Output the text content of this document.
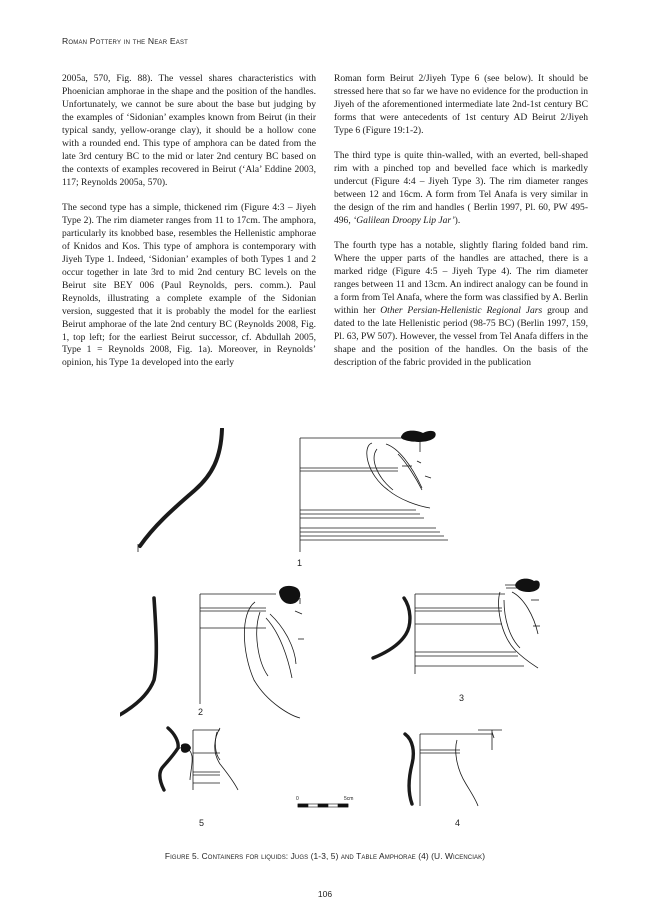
Roman Pottery in the Near East

2005a, 570, Fig. 88). The vessel shares characteristics with Phoenician amphorae in the shape and the position of the handles. Unfortunately, we cannot be sure about the base but judging by the examples of ‘Sidonian’ examples known from Beirut (in their typical sandy, yellow-orange clay), it should be a hollow cone with a rounded end. This type of amphora can be dated from the late 3rd century BC to the mid or later 2nd century BC based on the contexts of examples recovered in Beirut (‘Ala’ Eddine 2003, 117; Reynolds 2005a, 570).

The second type has a simple, thickened rim (Figure 4:3 – Jiyeh Type 2). The rim diameter ranges from 11 to 17cm. The amphora, particularly its knobbed base, resembles the Hellenistic amphorae of Knidos and Kos. This type of amphora is contemporary with Jiyeh Type 1. Indeed, ‘Sidonian’ examples of both Types 1 and 2 occur together in late 3rd to mid 2nd century BC levels on the Beirut site BEY 006 (Paul Reynolds, pers. comm.). Paul Reynolds, illustrating a complete example of the Sidonian version, suggested that it is probably the model for the earliest Beirut amphorae of the late 2nd century BC (Reynolds 2008, Fig. 1, top left; for the earliest Beirut successor, cf. Abdullah 2005, Type 1 = Reynolds 2008, Fig. 1a). Moreover, in Reynolds’ opinion, his Type 1a developed into the early

Roman form Beirut 2/Jiyeh Type 6 (see below). It should be stressed here that so far we have no evidence for the production in Jiyeh of the aforementioned intermediate late 2nd-1st century BC forms that were antecedents of 1st century AD Beirut 2/Jiyeh Type 6 (Figure 19:1-2).

The third type is quite thin-walled, with an everted, bell-shaped rim with a pinched top and bevelled face which is markedly undercut (Figure 4:4 – Jiyeh Type 3). The rim diameter ranges between 12 and 16cm. A form from Tel Anafa is very similar in the design of the rim and handles ( Berlin 1997, Pl. 60, PW 495-496, ‘Galilean Droopy Lip Jar’).

The fourth type has a notable, slightly flaring folded band rim. Where the upper parts of the handles are attached, there is a marked ridge (Figure 4:5 – Jiyeh Type 4). The rim diameter ranges between 11 and 13cm. An indirect analogy can be found in a form from Tel Anafa, where the form was classified by A. Berlin within her Other Persian-Hellenistic Regional Jars group and dated to the late Hellenistic period (98-75 BC) (Berlin 1997, 159, Pl. 63, PW 507). However, the vessel from Tel Anafa differs in the shape and the position of the handles. On the basis of the description of the fabric provided in the publication

1
2
3
4
5
0	5cm
Figure 5. Containers for liquids: Jugs (1-3, 5) and Table Amphorae (4) (U. Wicenciak)
106
